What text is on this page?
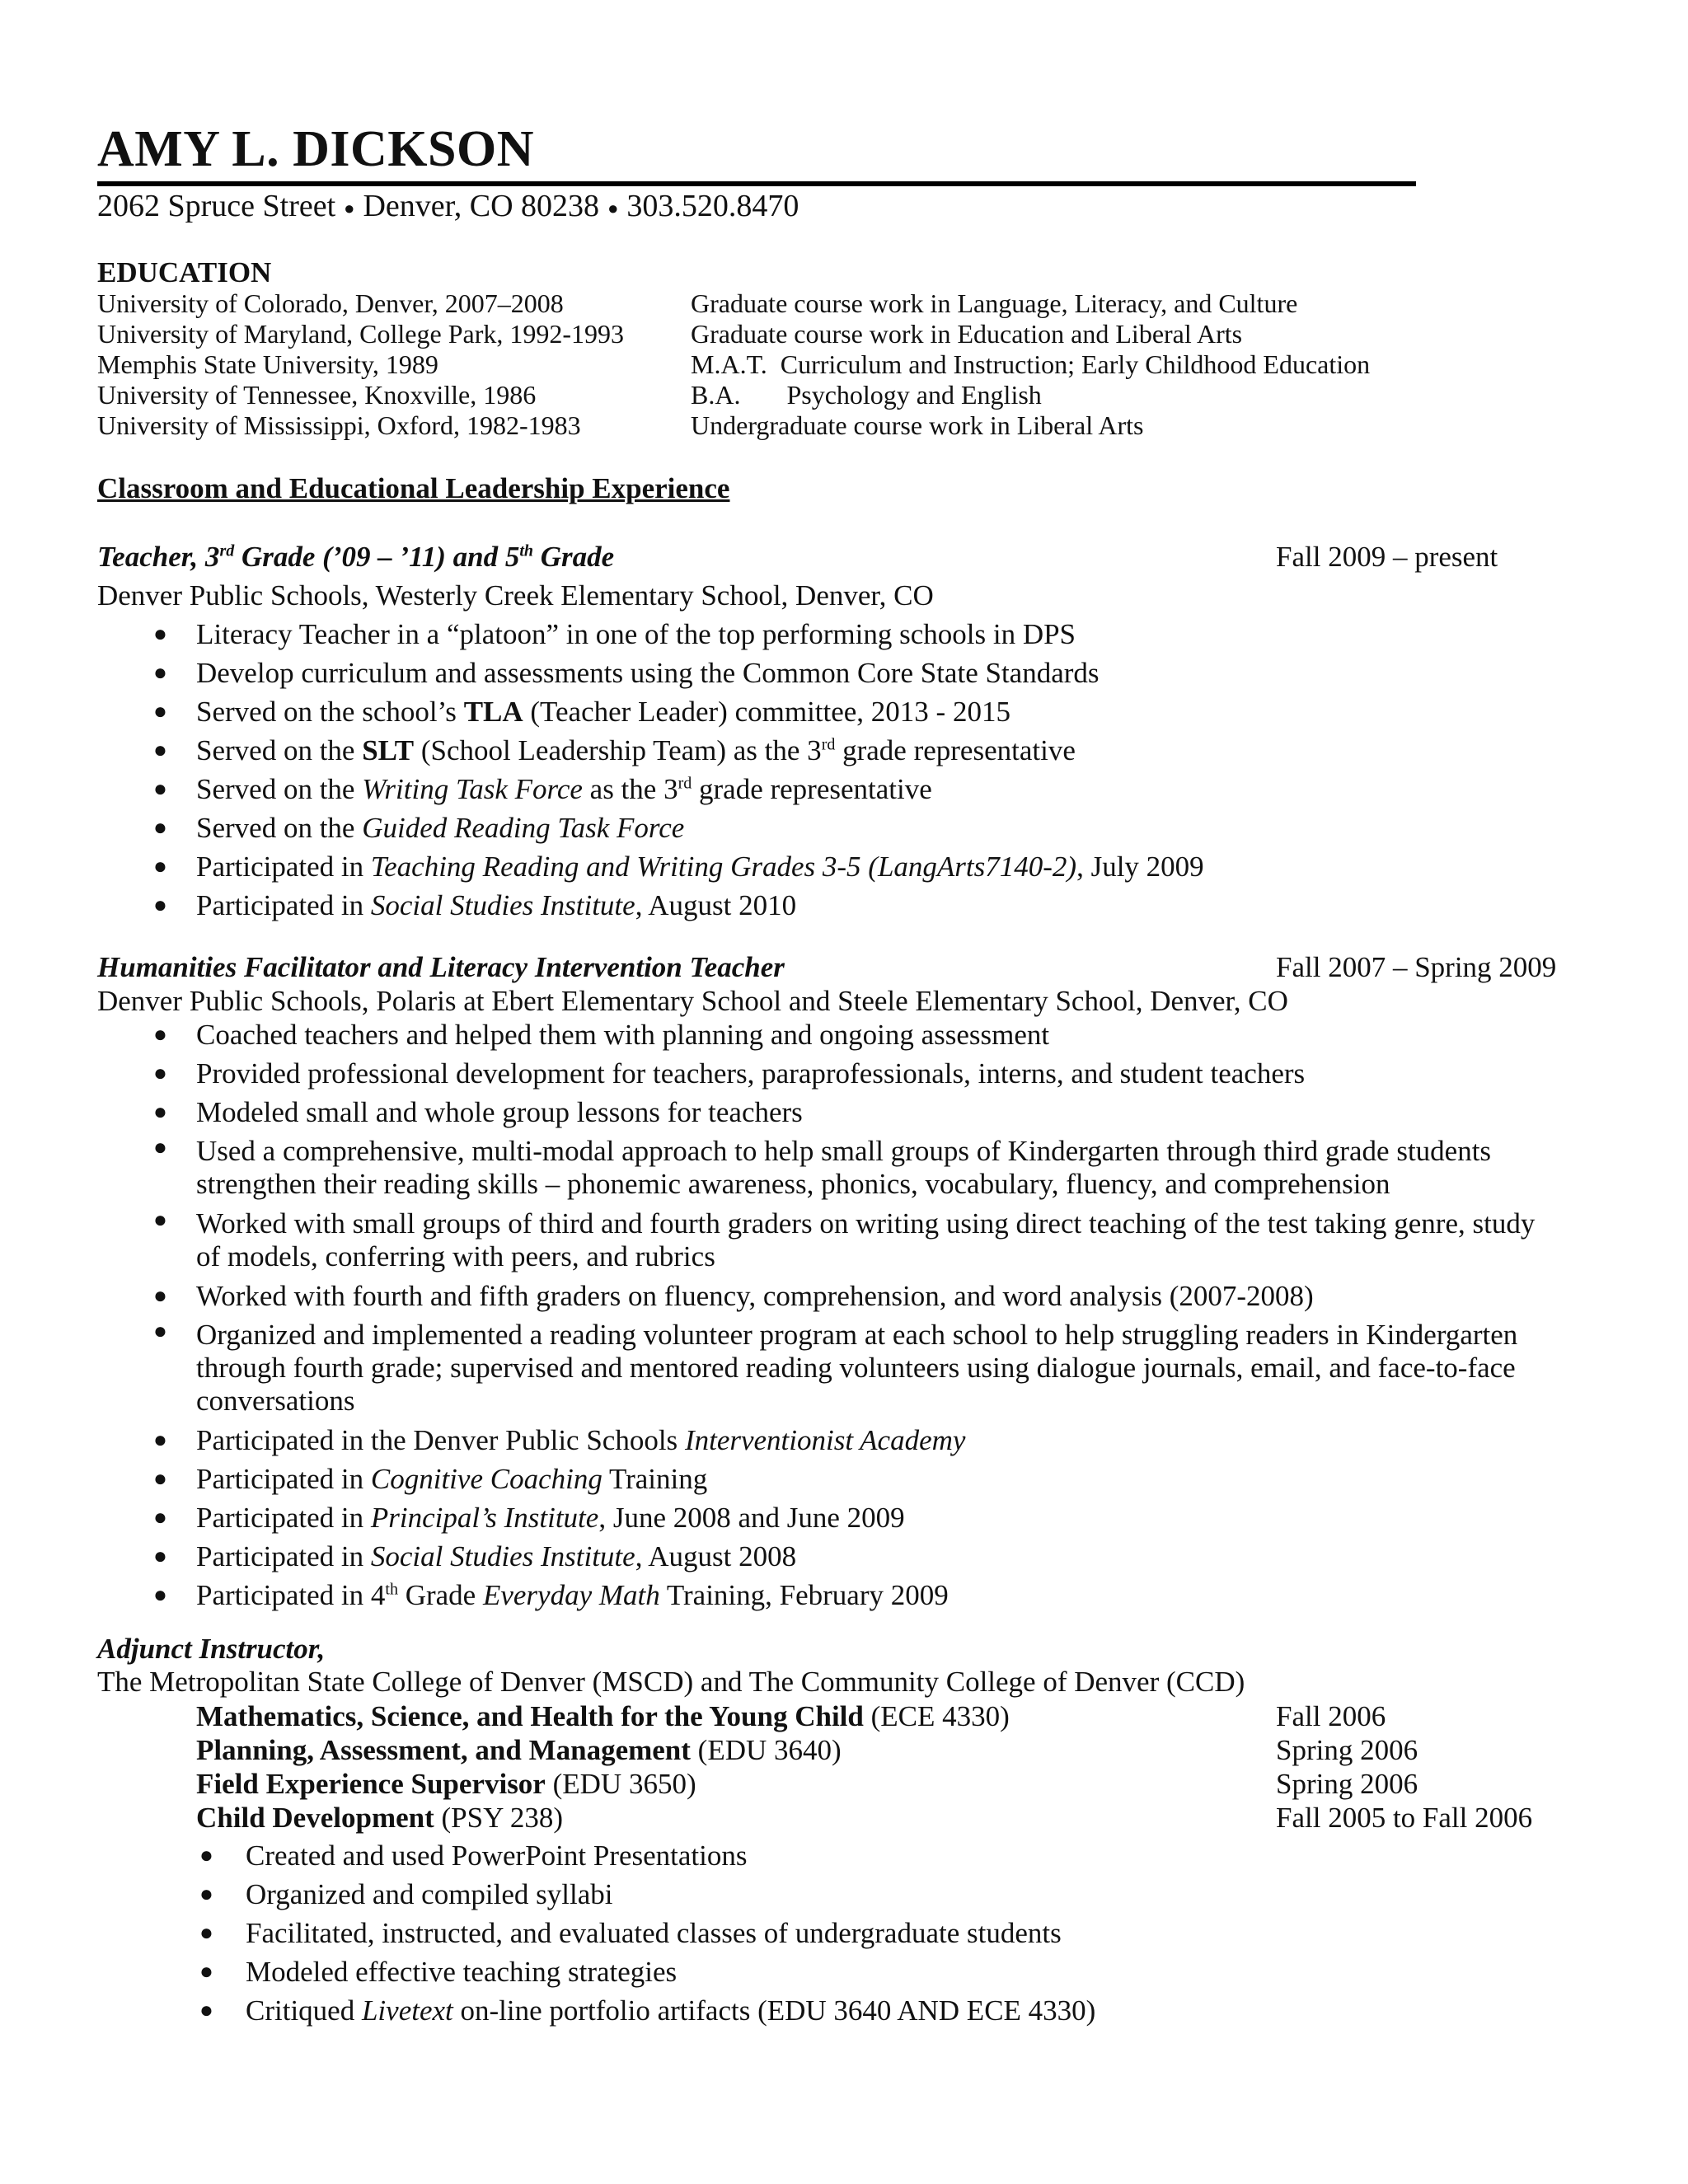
AMY L. DICKSON
2062 Spruce Street ● Denver, CO 80238 ● 303.520.8470
EDUCATION
University of Colorado, Denver, 2007–2008	Graduate course work in Language, Literacy, and Culture
University of Maryland, College Park, 1992-1993	Graduate course work in Education and Liberal Arts
Memphis State University, 1989	M.A.T.  Curriculum and Instruction; Early Childhood Education
University of Tennessee, Knoxville, 1986	B.A.       Psychology and English
University of Mississippi, Oxford, 1982-1983	Undergraduate course work in Liberal Arts
Classroom and Educational Leadership Experience
Teacher, 3rd Grade (’09 – ’11) and 5th Grade	Fall 2009 – present
Denver Public Schools, Westerly Creek Elementary School, Denver, CO
● Literacy Teacher in a “platoon” in one of the top performing schools in DPS
● Develop curriculum and assessments using the Common Core State Standards
● Served on the school’s TLA (Teacher Leader) committee, 2013 - 2015
● Served on the SLT (School Leadership Team) as the 3rd grade representative
● Served on the Writing Task Force as the 3rd grade representative
● Served on the Guided Reading Task Force
● Participated in Teaching Reading and Writing Grades 3-5 (LangArts7140-2), July 2009
● Participated in Social Studies Institute, August 2010
Humanities Facilitator and Literacy Intervention Teacher	Fall 2007 – Spring 2009
Denver Public Schools, Polaris at Ebert Elementary School and Steele Elementary School, Denver, CO
● Coached teachers and helped them with planning and ongoing assessment
● Provided professional development for teachers, paraprofessionals, interns, and student teachers
● Modeled small and whole group lessons for teachers
● Used a comprehensive, multi-modal approach to help small groups of Kindergarten through third grade students strengthen their reading skills – phonemic awareness, phonics, vocabulary, fluency, and comprehension
● Worked with small groups of third and fourth graders on writing using direct teaching of the test taking genre, study of models, conferring with peers, and rubrics
● Worked with fourth and fifth graders on fluency, comprehension, and word analysis (2007-2008)
● Organized and implemented a reading volunteer program at each school to help struggling readers in Kindergarten through fourth grade; supervised and mentored reading volunteers using dialogue journals, email, and face-to-face conversations
● Participated in the Denver Public Schools Interventionist Academy
● Participated in Cognitive Coaching Training
● Participated in Principal’s Institute, June 2008 and June 2009
● Participated in Social Studies Institute, August 2008
● Participated in 4th Grade Everyday Math Training, February 2009
Adjunct Instructor,
The Metropolitan State College of Denver (MSCD) and The Community College of Denver (CCD)
Mathematics, Science, and Health for the Young Child (ECE 4330)	Fall 2006
Planning, Assessment, and Management (EDU 3640)	Spring 2006
Field Experience Supervisor (EDU 3650)	Spring 2006
Child Development (PSY 238)	Fall 2005 to Fall 2006
● Created and used PowerPoint Presentations
● Organized and compiled syllabi
● Facilitated, instructed, and evaluated classes of undergraduate students
● Modeled effective teaching strategies
● Critiqued Livetext on-line portfolio artifacts (EDU 3640 AND ECE 4330)
